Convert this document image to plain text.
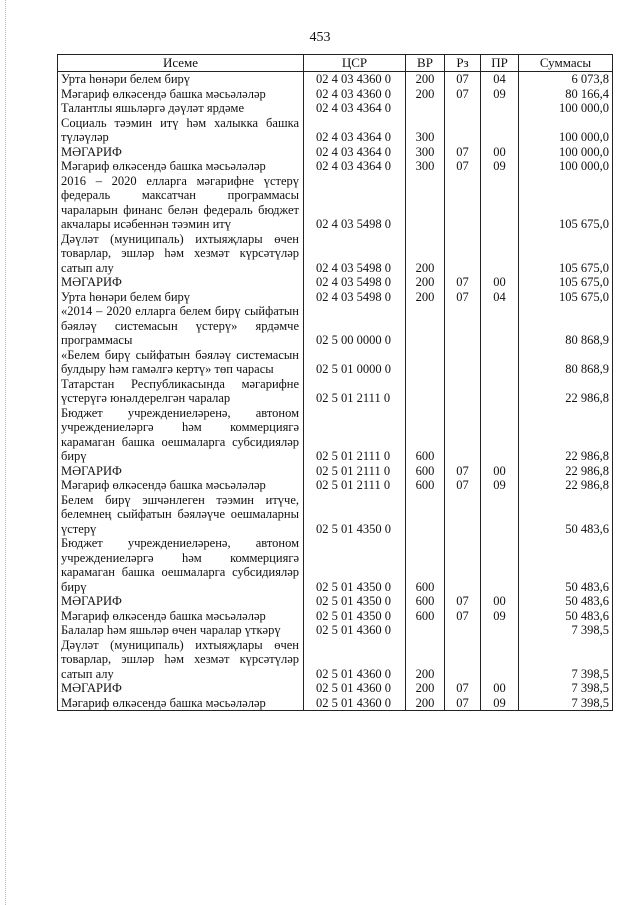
453
Исеме	ЦСР	ВР	Рз	ПР	Суммасы
Урта һөнәри белем бирү	02 4 03 4360 0	200	07	04	6 073,8
Мәгариф өлкәсендә башка мәсьәләләр	02 4 03 4360 0	200	07	09	80 166,4
Талантлы яшьләргә дәүләт ярдәме	02 4 03 4364 0				100 000,0
Социаль тәэмин итү һәм халыкка башка түләүләр	02 4 03 4364 0	300			100 000,0
МӘГАРИФ	02 4 03 4364 0	300	07	00	100 000,0
Мәгариф өлкәсендә башка мәсьәләләр	02 4 03 4364 0	300	07	09	100 000,0
2016 – 2020 елларга мәгарифне үстерү федераль максатчан программасы чараларын финанс белән федераль бюджет акчалары исәбеннән тәэмин итү	02 4 03 5498 0				105 675,0
Дәүләт (муниципаль) ихтыяҗлары өчен товарлар, эшләр һәм хезмәт күрсәтүләр сатып алу	02 4 03 5498 0	200			105 675,0
МӘГАРИФ	02 4 03 5498 0	200	07	00	105 675,0
Урта һөнәри белем бирү	02 4 03 5498 0	200	07	04	105 675,0
«2014 – 2020 елларга белем бирү сыйфатын бәяләү системасын үстерү» ярдәмче программасы	02 5 00 0000 0				80 868,9
«Белем бирү сыйфатын бәяләү системасын булдыру һәм гамәлгә кертү» төп чарасы	02 5 01 0000 0				80 868,9
Татарстан Республикасында мәгарифне үстерүгә юнәлдерелгән чаралар	02 5 01 2111 0				22 986,8
Бюджет учреждениеләренә, автоном учреждениеләргә һәм коммерциягә карамаган башка оешмаларга субсидияләр бирү	02 5 01 2111 0	600			22 986,8
МӘГАРИФ	02 5 01 2111 0	600	07	00	22 986,8
Мәгариф өлкәсендә башка мәсьәләләр	02 5 01 2111 0	600	07	09	22 986,8
Белем бирү эшчәнлеген тәэмин итүче, белемнең сыйфатын бәяләүче оешмаларны үстерү	02 5 01 4350 0				50 483,6
Бюджет учреждениеләренә, автоном учреждениеләргә һәм коммерциягә карамаган башка оешмаларга субсидияләр бирү	02 5 01 4350 0	600			50 483,6
МӘГАРИФ	02 5 01 4350 0	600	07	00	50 483,6
Мәгариф өлкәсендә башка мәсьәләләр	02 5 01 4350 0	600	07	09	50 483,6
Балалар һәм яшьләр өчен чаралар үткәрү	02 5 01 4360 0				7 398,5
Дәүләт (муниципаль) ихтыяҗлары өчен товарлар, эшләр һәм хезмәт күрсәтүләр сатып алу	02 5 01 4360 0	200			7 398,5
МӘГАРИФ	02 5 01 4360 0	200	07	00	7 398,5
Мәгариф өлкәсендә башка мәсьәләләр	02 5 01 4360 0	200	07	09	7 398,5
